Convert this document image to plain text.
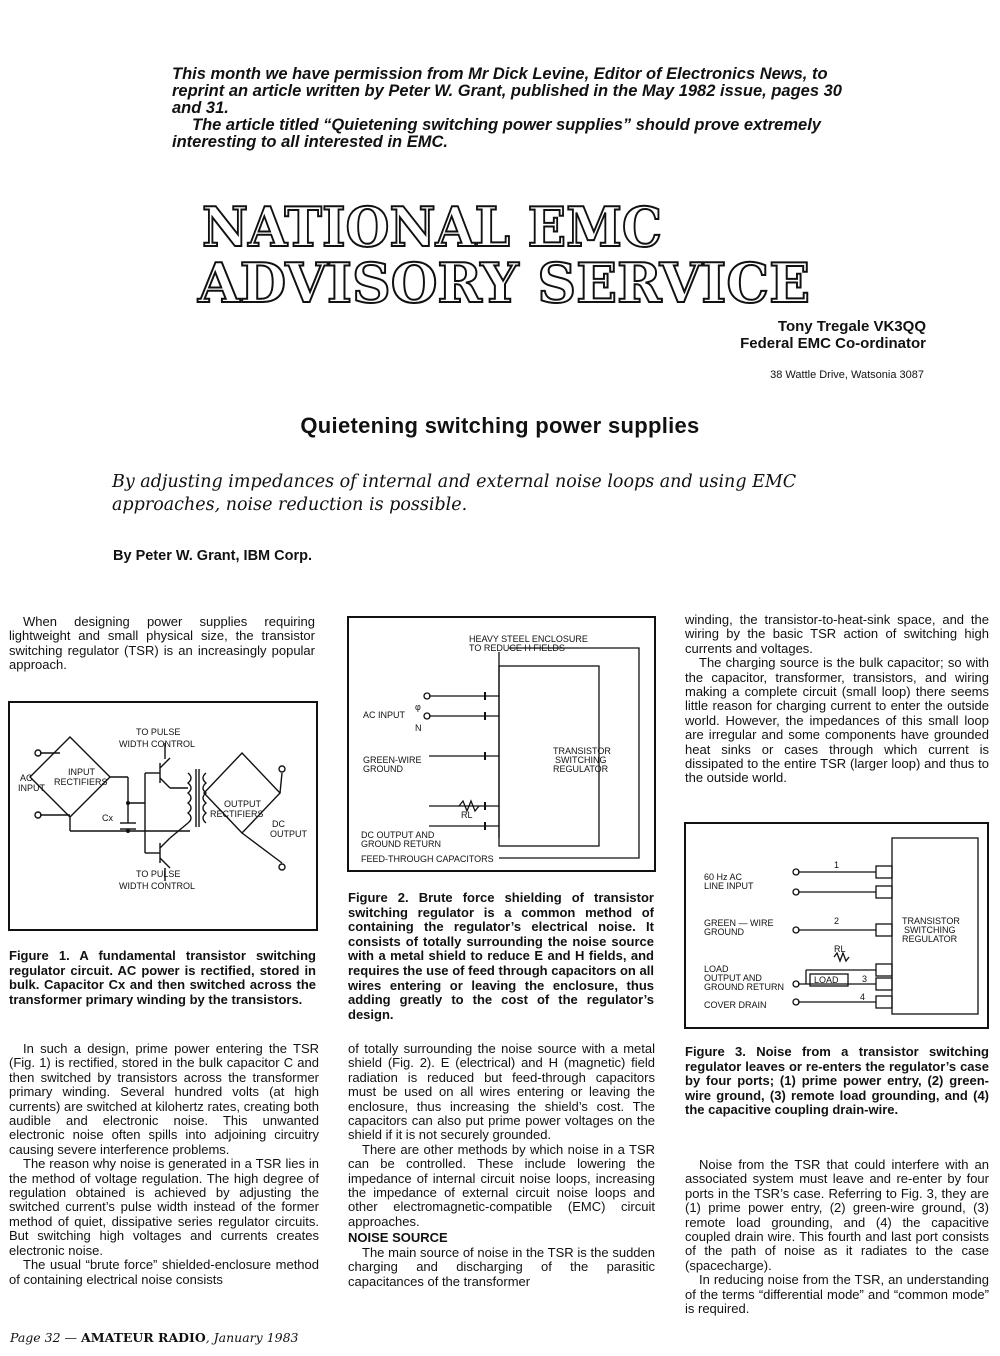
This month we have permission from Mr Dick Levine, Editor of Electronics News, to reprint an article written by Peter W. Grant, published in the May 1982 issue, pages 30 and 31.

The article titled “Quietening switching power supplies” should prove extremely interesting to all interested in EMC.

NATIONAL EMC
ADVISORY SERVICE
Tony Tregale VK3QQ
Federal EMC Co-ordinator
38 Wattle Drive, Watsonia 3087
Quietening switching power supplies
By adjusting impedances of internal and external noise loops and using EMC approaches, noise reduction is possible.
By Peter W. Grant, IBM Corp.

When designing power supplies requiring lightweight and small physical size, the transistor switching regulator (TSR) is an increasingly popular approach.

TO PULSE
WIDTH CONTROL
AC
INPUT
INPUT
RECTIFIERS
Cx
OUTPUT
RECTIFIERS
DC
OUTPUT
TO PULSE
WIDTH CONTROL
Figure 1. A fundamental transistor switching regulator circuit. AC power is rectified, stored in bulk. Capacitor Cx and then switched across the transformer primary winding by the transistors.

In such a design, prime power entering the TSR (Fig. 1) is rectified, stored in the bulk capacitor C and then switched by transistors across the transformer primary winding. Several hundred volts (at high currents) are switched at kilohertz rates, creating both audible and electronic noise. This unwanted electronic noise often spills into adjoining circuitry causing severe interference problems.

The reason why noise is generated in a TSR lies in the method of voltage regulation. The high degree of regulation obtained is achieved by adjusting the switched current’s pulse width instead of the former method of quiet, dissipative series regulator circuits. But switching high voltages and currents creates electronic noise.

The usual “brute force” shielded-enclosure method of containing electrical noise consists

HEAVY STEEL ENCLOSURE
TO REDUCE H FIELDS
AC INPUT
φ
N
GREEN-WIRE
GROUND
TRANSISTOR
SWITCHING
REGULATOR
RL
DC OUTPUT AND
GROUND RETURN
FEED-THROUGH CAPACITORS
Figure 2. Brute force shielding of transistor switching regulator is a common method of containing the regulator’s electrical noise. It consists of totally surrounding the noise source with a metal shield to reduce E and H fields, and requires the use of feed through capacitors on all wires entering or leaving the enclosure, thus adding greatly to the cost of the regulator’s design.

of totally surrounding the noise source with a metal shield (Fig. 2). E (electrical) and H (magnetic) field radiation is reduced but feed-through capacitors must be used on all wires entering or leaving the enclosure, thus increasing the shield’s cost. The capacitors can also put prime power voltages on the shield if it is not securely grounded.

There are other methods by which noise in a TSR can be controlled. These include lowering the impedance of internal circuit noise loops, increasing the impedance of external circuit noise loops and other electromagnetic-compatible (EMC) circuit approaches.

NOISE SOURCE

The main source of noise in the TSR is the sudden charging and discharging of the parasitic capacitances of the transformer

winding, the transistor-to-heat-sink space, and the wiring by the basic TSR action of switching high currents and voltages.

The charging source is the bulk capacitor; so with the capacitor, transformer, transistors, and wiring making a complete circuit (small loop) there seems little reason for charging current to enter the outside world. However, the impedances of this small loop are irregular and some components have grounded heat sinks or cases through which current is dissipated to the entire TSR (larger loop) and thus to the outside world.

60 Hz AC
LINE INPUT
GREEN — WIRE
GROUND
LOAD
OUTPUT AND
GROUND RETURN
COVER DRAIN
RL
LOAD
1
2
3
4
TRANSISTOR
SWITCHING
REGULATOR
Figure 3. Noise from a transistor switching regulator leaves or re-enters the regulator’s case by four ports; (1) prime power entry, (2) green-wire ground, (3) remote load grounding, and (4) the capacitive coupling drain-wire.

Noise from the TSR that could interfere with an associated system must leave and re-enter by four ports in the TSR’s case. Referring to Fig. 3, they are (1) prime power entry, (2) green-wire ground, (3) remote load grounding, and (4) the capacitive coupled drain wire. This fourth and last port consists of the path of noise as it radiates to the case (spacecharge).

In reducing noise from the TSR, an understanding of the terms “differential mode” and “common mode” is required.

Page 32 — AMATEUR RADIO, January 1983
